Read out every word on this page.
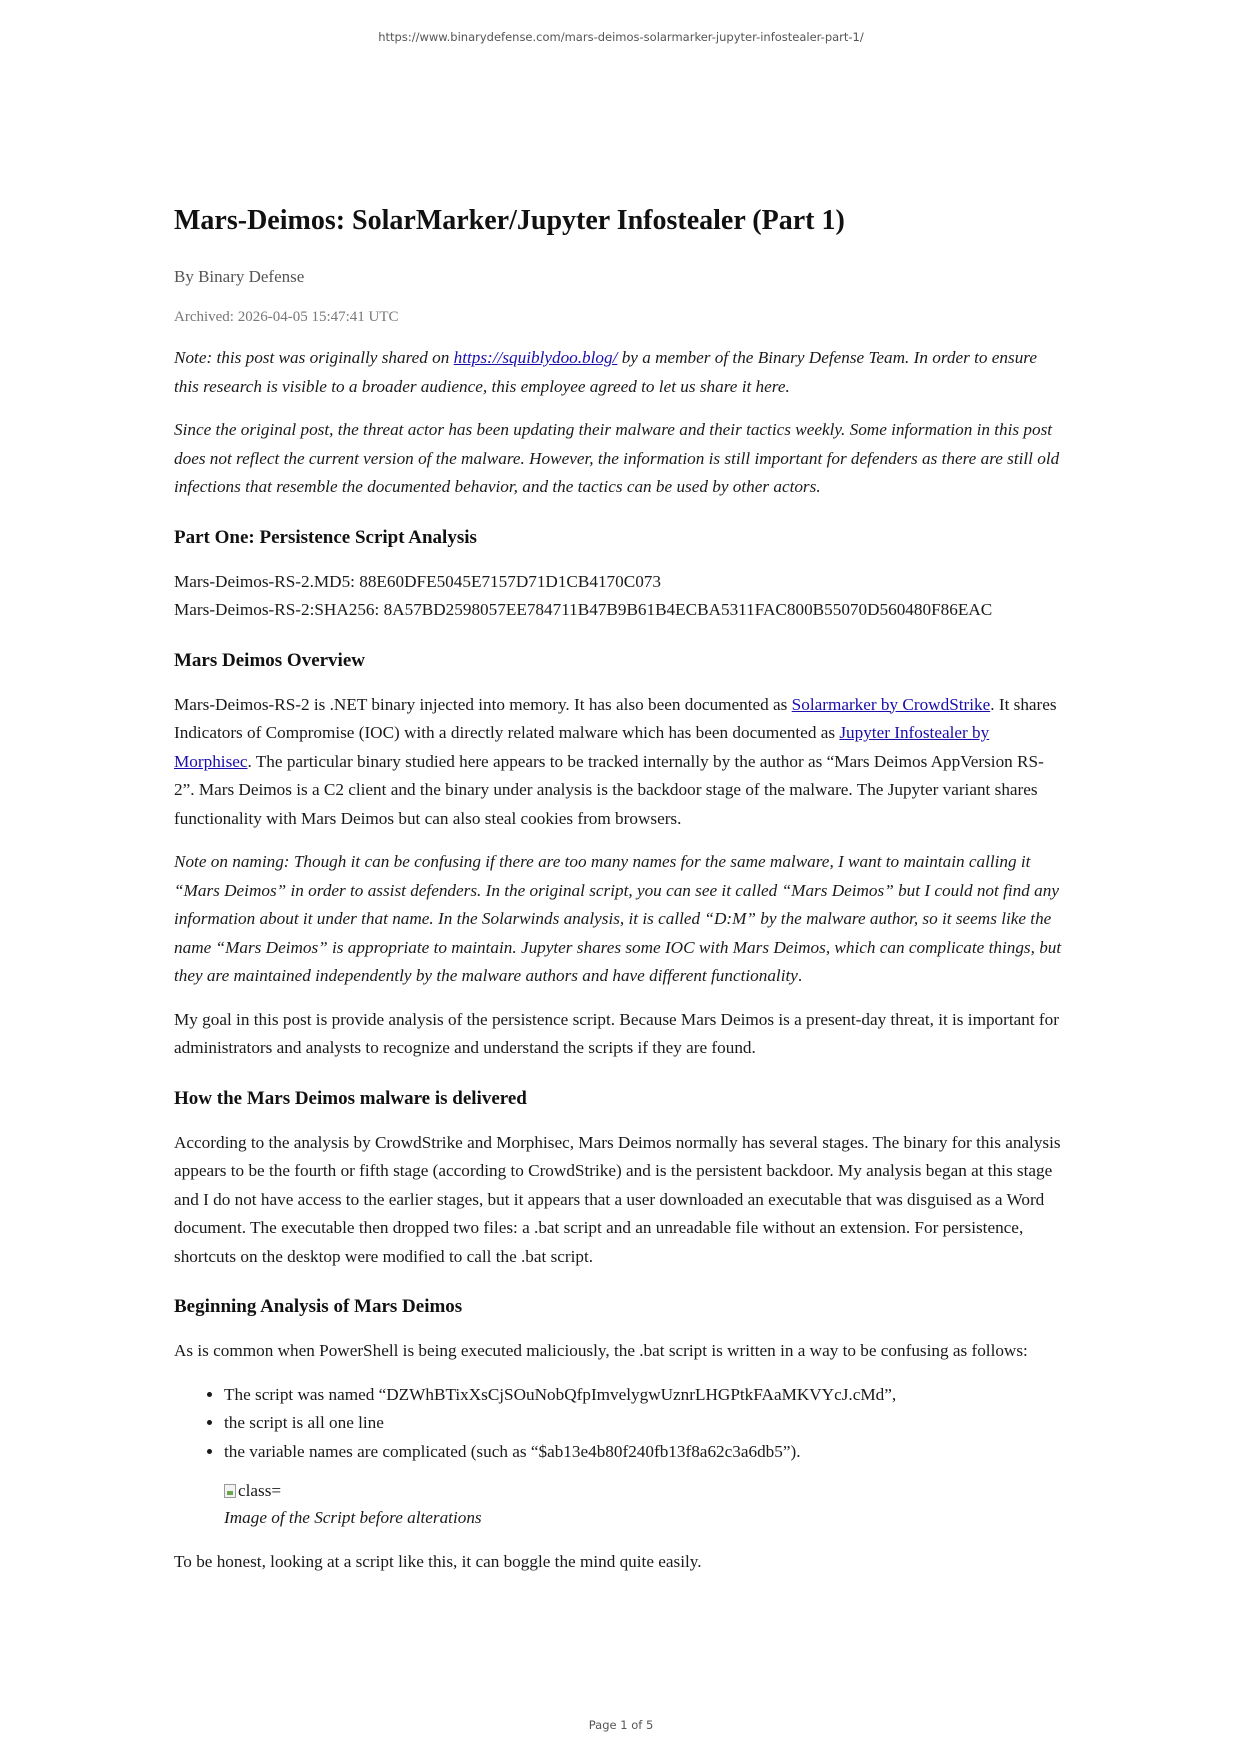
https://www.binarydefense.com/mars-deimos-solarmarker-jupyter-infostealer-part-1/
Mars-Deimos: SolarMarker/Jupyter Infostealer (Part 1)
By Binary Defense
Archived: 2026-04-05 15:47:41 UTC

Note: this post was originally shared on https://squiblydoo.blog/ by a member of the Binary Defense Team. In order to ensure this research is visible to a broader audience, this employee agreed to let us share it here.

Since the original post, the threat actor has been updating their malware and their tactics weekly. Some information in this post does not reflect the current version of the malware. However, the information is still important for defenders as there are still old infections that resemble the documented behavior, and the tactics can be used by other actors.

Part One: Persistence Script Analysis

Mars-Deimos-RS-2.MD5: 88E60DFE5045E7157D71D1CB4170C073

Mars-Deimos-RS-2:SHA256: 8A57BD2598057EE784711B47B9B61B4ECBA5311FAC800B55070D560480F86EAC

Mars Deimos Overview

Mars-Deimos-RS-2 is .NET binary injected into memory. It has also been documented as Solarmarker by CrowdStrike. It shares Indicators of Compromise (IOC) with a directly related malware which has been documented as Jupyter Infostealer by Morphisec. The particular binary studied here appears to be tracked internally by the author as “Mars Deimos AppVersion RS-2”. Mars Deimos is a C2 client and the binary under analysis is the backdoor stage of the malware. The Jupyter variant shares functionality with Mars Deimos but can also steal cookies from browsers.

Note on naming: Though it can be confusing if there are too many names for the same malware, I want to maintain calling it “Mars Deimos” in order to assist defenders. In the original script, you can see it called “Mars Deimos” but I could not find any information about it under that name. In the Solarwinds analysis, it is called “D:M” by the malware author, so it seems like the name “Mars Deimos” is appropriate to maintain. Jupyter shares some IOC with Mars Deimos, which can complicate things, but they are maintained independently by the malware authors and have different functionality.

My goal in this post is provide analysis of the persistence script. Because Mars Deimos is a present-day threat, it is important for administrators and analysts to recognize and understand the scripts if they are found.

How the Mars Deimos malware is delivered

According to the analysis by CrowdStrike and Morphisec, Mars Deimos normally has several stages. The binary for this analysis appears to be the fourth or fifth stage (according to CrowdStrike) and is the persistent backdoor. My analysis began at this stage and I do not have access to the earlier stages, but it appears that a user downloaded an executable that was disguised as a Word document. The executable then dropped two files: a .bat script and an unreadable file without an extension. For persistence, shortcuts on the desktop were modified to call the .bat script.

Beginning Analysis of Mars Deimos

As is common when PowerShell is being executed maliciously, the .bat script is written in a way to be confusing as follows:

• The script was named “DZWhBTixXsCjSOuNobQfpImvelygwUznrLHGPtkFAaMKVYcJ.cMd”,
• the script is all one line
• the variable names are complicated (such as “$ab13e4b80f240fb13f8a62c3a6db5”).
class=
Image of the Script before alterations

To be honest, looking at a script like this, it can boggle the mind quite easily.

Page 1 of 5
